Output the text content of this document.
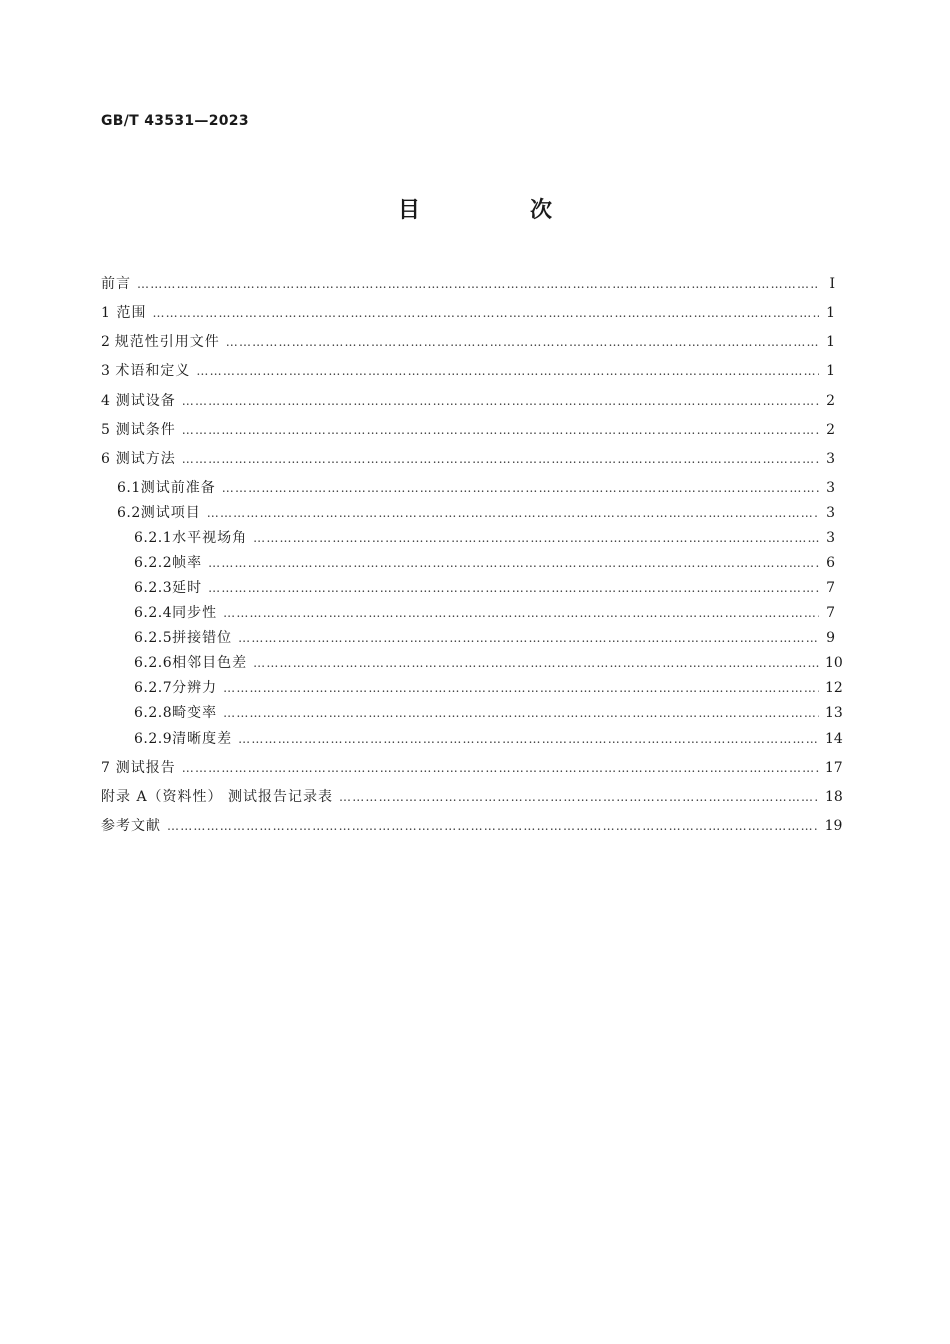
GB/T 43531—2023
目　次
前言 …………………………………………………………………………………………………………………………………………………………………………………………………………………………………	Ⅰ
1 范围 …………………………………………………………………………………………………………………………………………………………………………………………………………………………………	1
2 规范性引用文件 …………………………………………………………………………………………………………………………………………………………………………………………………………………………………	1
3 术语和定义 …………………………………………………………………………………………………………………………………………………………………………………………………………………………………	1
4 测试设备 …………………………………………………………………………………………………………………………………………………………………………………………………………………………………	2
5 测试条件 …………………………………………………………………………………………………………………………………………………………………………………………………………………………………	2
6 测试方法 …………………………………………………………………………………………………………………………………………………………………………………………………………………………………	3
6.1 测试前准备 …………………………………………………………………………………………………………………………………………………………………………………………………………………………………	3
6.2 测试项目 …………………………………………………………………………………………………………………………………………………………………………………………………………………………………	3
6.2.1 水平视场角 …………………………………………………………………………………………………………………………………………………………………………………………………………………………………	3
6.2.2 帧率 …………………………………………………………………………………………………………………………………………………………………………………………………………………………………	6
6.2.3 延时 …………………………………………………………………………………………………………………………………………………………………………………………………………………………………	7
6.2.4 同步性 …………………………………………………………………………………………………………………………………………………………………………………………………………………………………	7
6.2.5 拼接错位 …………………………………………………………………………………………………………………………………………………………………………………………………………………………………	9
6.2.6 相邻目色差 …………………………………………………………………………………………………………………………………………………………………………………………………………………………………	10
6.2.7 分辨力 …………………………………………………………………………………………………………………………………………………………………………………………………………………………………	12
6.2.8 畸变率 …………………………………………………………………………………………………………………………………………………………………………………………………………………………………	13
6.2.9 清晰度差 …………………………………………………………………………………………………………………………………………………………………………………………………………………………………	14
7 测试报告 …………………………………………………………………………………………………………………………………………………………………………………………………………………………………	17
附录 A（资料性） 测试报告记录表 …………………………………………………………………………………………………………………………………………………………………………………………………………………………………	18
参考文献 …………………………………………………………………………………………………………………………………………………………………………………………………………………………………	19
